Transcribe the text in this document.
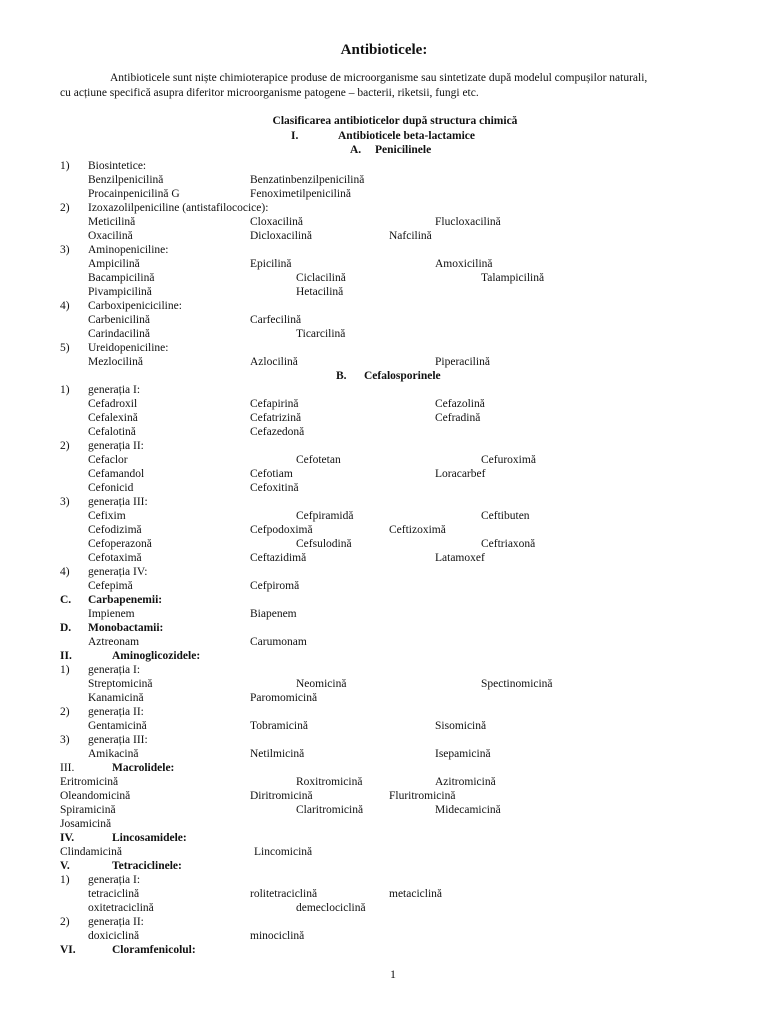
Antibioticele:
Antibioticele sunt niște chimioterapice produse de microorganisme sau sintetizate după modelul compușilor naturali,
cu acțiune specifică asupra diferitor microorganisme patogene – bacterii, riketsii, fungi etc.
Clasificarea antibioticelor după structura chimică
I.	Antibioticele beta-lactamice
A. Penicilinele
B. Cefalosporinele
1) Biosintetice:
Benzilpenicilină	Benzatinbenzilpenicilină
Procainpenicilină G	Fenoximetilpenicilină
2) Izoxazolilpeniciline (antistafilococice):
Meticilină	Cloxacilină	Flucloxacilină
Oxacilină	Dicloxacilină	Nafcilină
3) Aminopeniciline:
Ampicilină	Epicilină	Amoxicilină
Bacampicilină	Ciclacilină	Talampicilină
Pivampicilină	Hetacilină
4) Carboxipeniciciline:
Carbenicilină	Carfecilină
Carindacilină	Ticarcilină
5) Ureidopeniciline:
Mezlocilină	Azlocilină	Piperacilină
1) generația I:
Cefadroxil	Cefapirină	Cefazolină
Cefalexină	Cefatrizină	Cefradină
Cefalotină	Cefazedonă
2) generația II:
Cefaclor	Cefotetan	Cefuroximă
Cefamandol	Cefotiam	Loracarbef
Cefonicid	Cefoxitină
3) generația III:
Cefixim	Cefpiramidă	Ceftibuten
Cefodizimă	Cefpodoximă	Ceftizoximă
Cefoperazonă	Cefsulodină	Ceftriaxonă
Cefotaximă	Ceftazidimă	Latamoxef
4) generația IV:
Cefepimă	Cefpiromă
C. Carbapenemii:
Impienem	Biapenem
D. Monobactamii:
Aztreonam	Carumonam
II.	Aminoglicozidele:
1) generația I:
Streptomicină	Neomicină	Spectinomicină
Kanamicină	Paromomicină
2) generația II:
Gentamicină	Tobramicină	Sisomicină
3) generația III:
Amikacină	Netilmicină	Isepamicină
III.	Macrolidele:
Eritromicină	Roxitromicină	Azitromicină
Oleandomicină	Diritromicină	Fluritromicină
Spiramicină	Claritromicină	Midecamicină
Josamicină
IV.	Lincosamidele:
Clindamicină	Lincomicină
V.	Tetraciclinele:
1) generația I:
tetraciclină	rolitetraciclină	metaciclină
oxitetraciclină	demeclociclină
2) generația II:
doxiciclină	minociclină
VI.	Cloramfenicolul:
1
